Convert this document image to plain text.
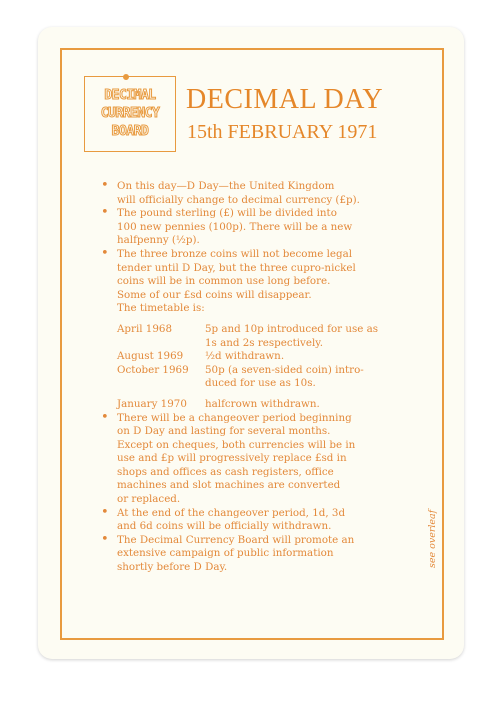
DECIMAL
CURRENCY
BOARD
DECIMAL DAY
15th FEBRUARY 1971
• On this day—D Day—the United Kingdom
will officially change to decimal currency (£p).
• The pound sterling (£) will be divided into
100 new pennies (100p). There will be a new
halfpenny (½p).
• The three bronze coins will not become legal
tender until D Day, but the three cupro-nickel
coins will be in common use long before.
Some of our £sd coins will disappear.
The timetable is:
April 1968	5p and 10p introduced for use as
1s and 2s respectively.
August 1969	½d withdrawn.
October 1969	50p (a seven-sided coin) intro-
duced for use as 10s.
January 1970	halfcrown withdrawn.
• There will be a changeover period beginning
on D Day and lasting for several months.
Except on cheques, both currencies will be in
use and £p will progressively replace £sd in
shops and offices as cash registers, office
machines and slot machines are converted
or replaced.
• At the end of the changeover period, 1d, 3d
and 6d coins will be officially withdrawn.
• The Decimal Currency Board will promote an
extensive campaign of public information
shortly before D Day.	see overleaf
